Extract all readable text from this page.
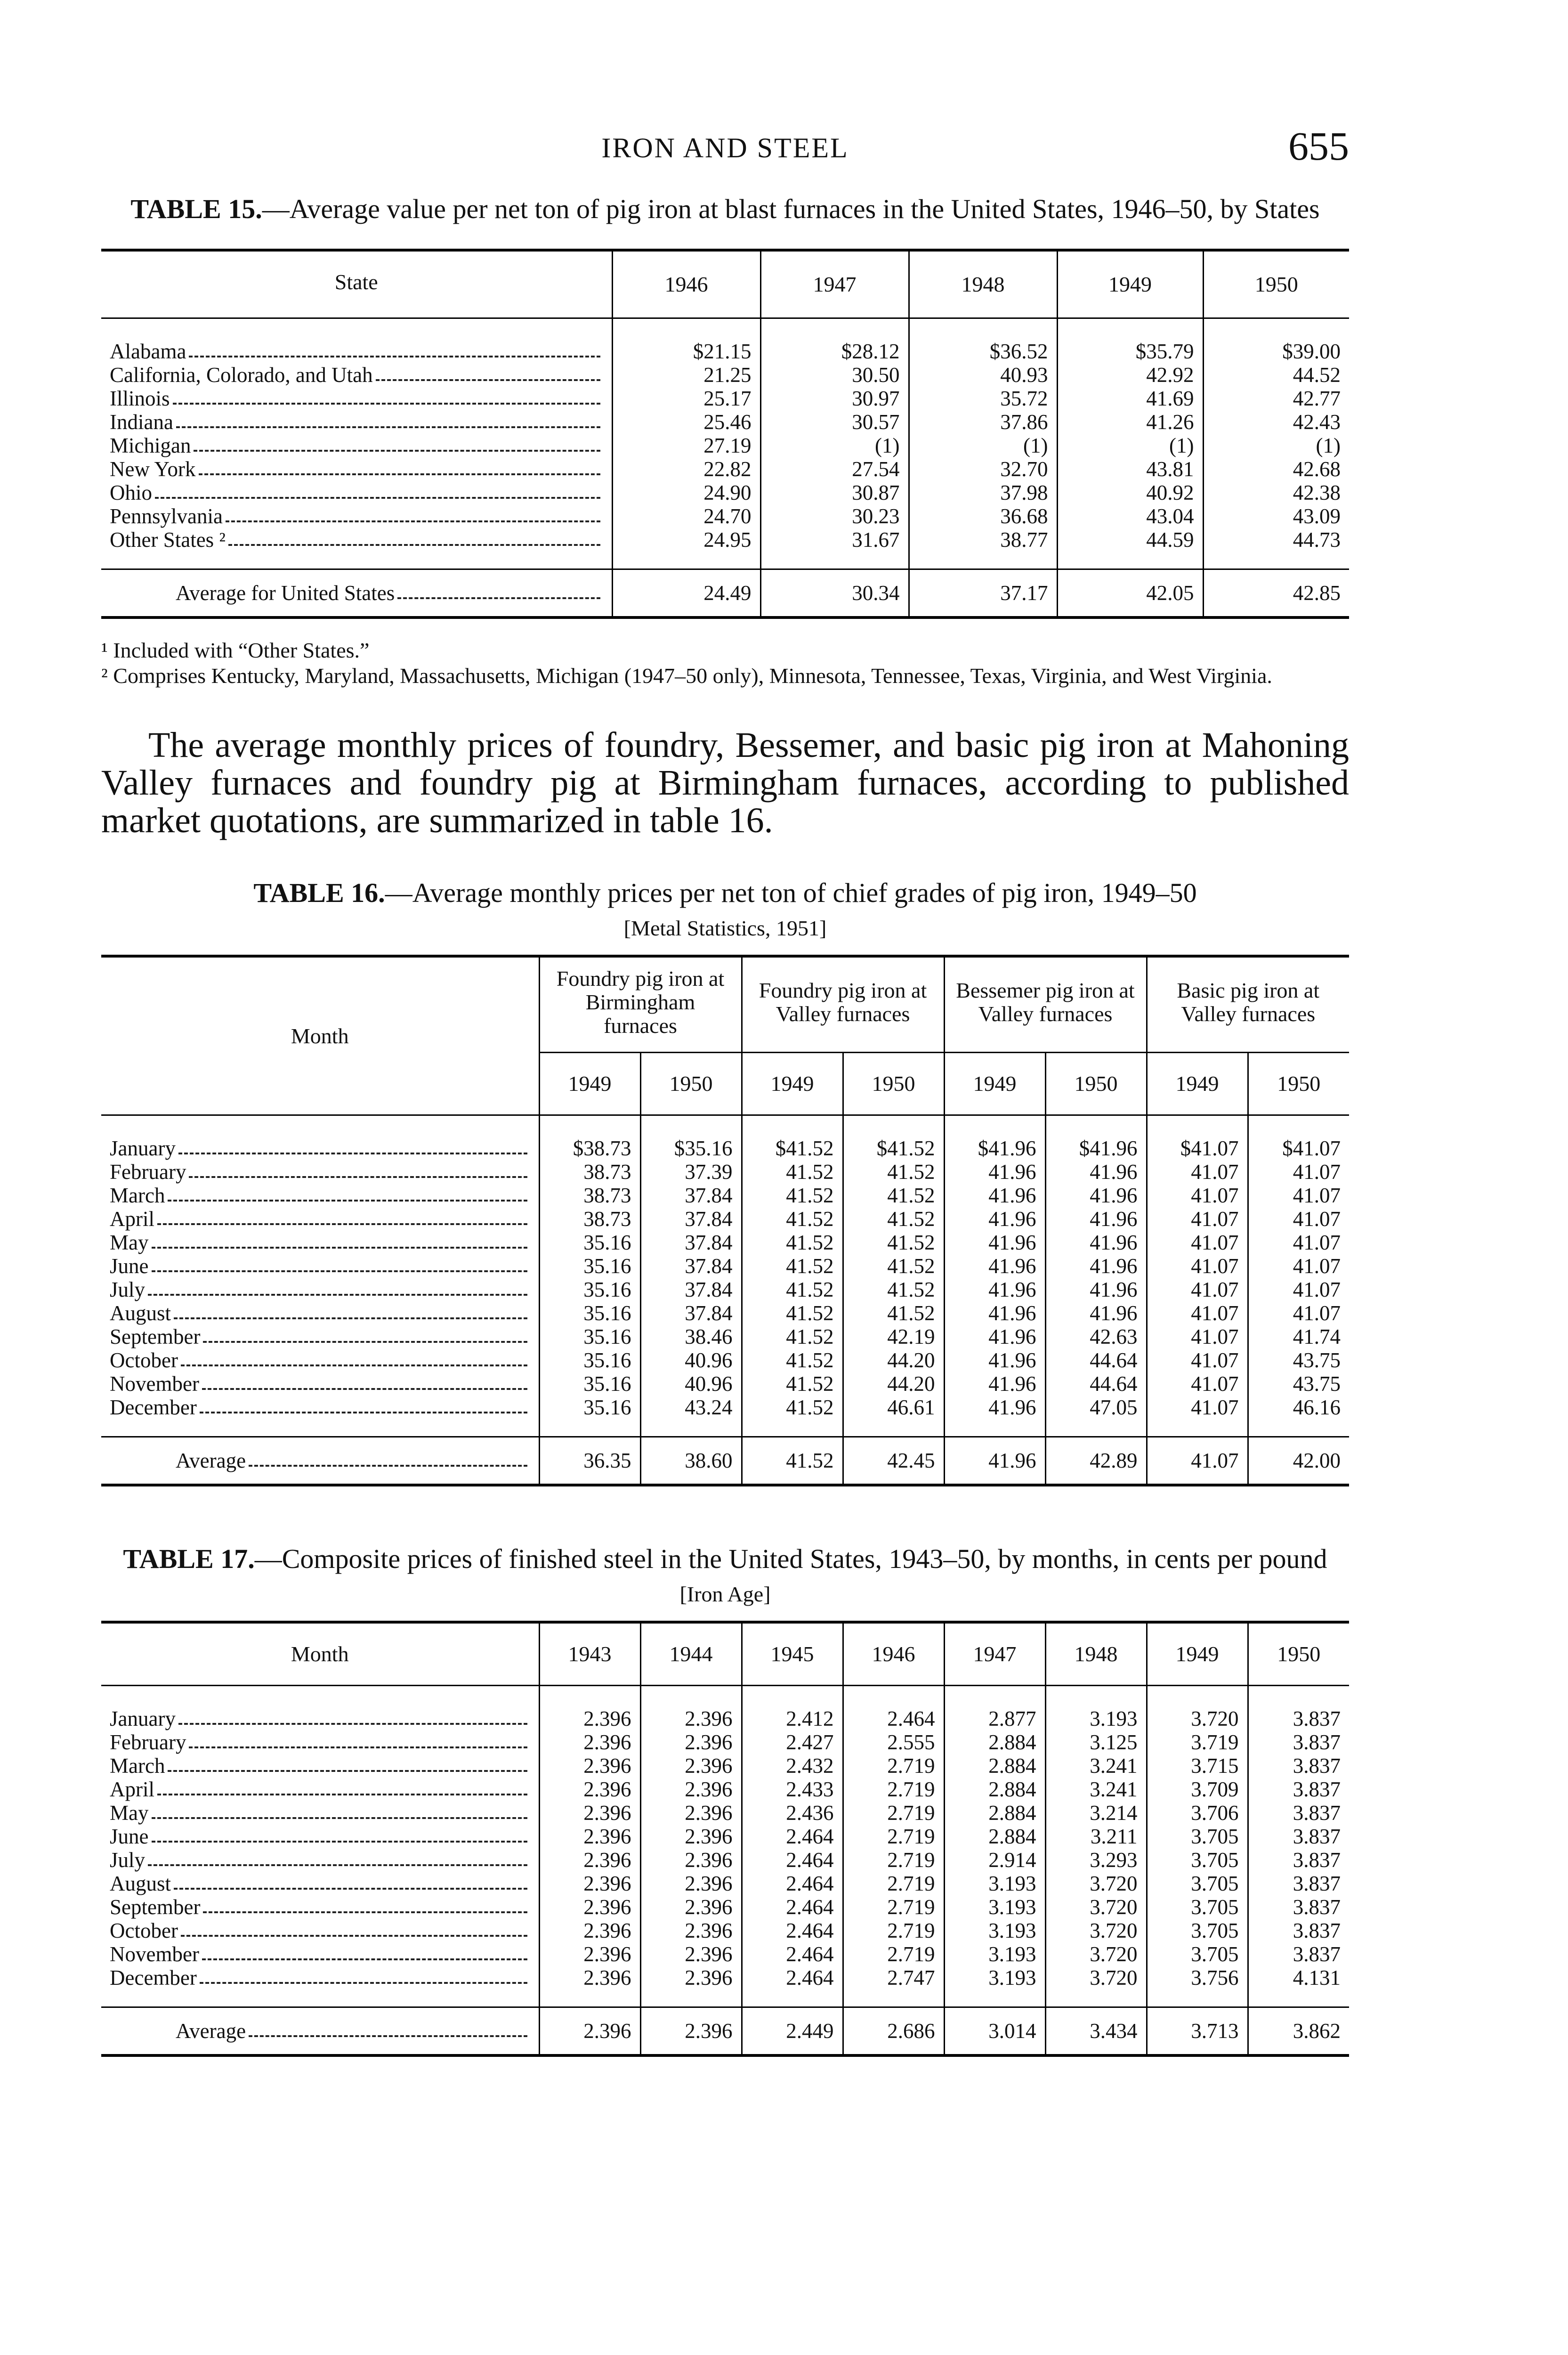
IRON AND STEEL	655
TABLE 15.—Average value per net ton of pig iron at blast furnaces in the United States, 1946–50, by States
State	1946	1947	1948	1949	1950

Alabama	$21.15	$28.12	$36.52	$35.79	$39.00

California, Colorado, and Utah	21.25	30.50	40.93	42.92	44.52

Illinois	25.17	30.97	35.72	41.69	42.77

Indiana	25.46	30.57	37.86	41.26	42.43

Michigan	27.19	(1)	(1)	(1)	(1)

New York	22.82	27.54	32.70	43.81	42.68

Ohio	24.90	30.87	37.98	40.92	42.38

Pennsylvania	24.70	30.23	36.68	43.04	43.09

Other States ²	24.95	31.67	38.77	44.59	44.73

Average for United States	24.49	30.34	37.17	42.05	42.85

¹ Included with “Other States.”

² Comprises Kentucky, Maryland, Massachusetts, Michigan (1947–50 only), Minnesota, Tennessee, Texas, Virginia, and West Virginia.

The average monthly prices of foundry, Bessemer, and basic pig iron at Mahoning Valley furnaces and foundry pig at Birmingham furnaces, according to published market quotations, are summarized in table 16.

TABLE 16.—Average monthly prices per net ton of chief grades of pig iron, 1949–50
[Metal Statistics, 1951]
Month	Foundry pig iron at Birmingham furnaces		Foundry pig iron at Valley furnaces		Bessemer pig iron at Valley furnaces		Basic pig iron at Valley furnaces	
	1949	1950	1949	1950	1949	1950	1949	1950

January	$38.73	$35.16	$41.52	$41.52	$41.96	$41.96	$41.07	$41.07

February	38.73	37.39	41.52	41.52	41.96	41.96	41.07	41.07

March	38.73	37.84	41.52	41.52	41.96	41.96	41.07	41.07

April	38.73	37.84	41.52	41.52	41.96	41.96	41.07	41.07

May	35.16	37.84	41.52	41.52	41.96	41.96	41.07	41.07

June	35.16	37.84	41.52	41.52	41.96	41.96	41.07	41.07

July	35.16	37.84	41.52	41.52	41.96	41.96	41.07	41.07

August	35.16	37.84	41.52	41.52	41.96	41.96	41.07	41.07

September	35.16	38.46	41.52	42.19	41.96	42.63	41.07	41.74

October	35.16	40.96	41.52	44.20	41.96	44.64	41.07	43.75

November	35.16	40.96	41.52	44.20	41.96	44.64	41.07	43.75

December	35.16	43.24	41.52	46.61	41.96	47.05	41.07	46.16

Average	36.35	38.60	41.52	42.45	41.96	42.89	41.07	42.00
TABLE 17.—Composite prices of finished steel in the United States, 1943–50, by months, in cents per pound
[Iron Age]
Month	1943	1944	1945	1946	1947	1948	1949	1950

January	2.396	2.396	2.412	2.464	2.877	3.193	3.720	3.837

February	2.396	2.396	2.427	2.555	2.884	3.125	3.719	3.837

March	2.396	2.396	2.432	2.719	2.884	3.241	3.715	3.837

April	2.396	2.396	2.433	2.719	2.884	3.241	3.709	3.837

May	2.396	2.396	2.436	2.719	2.884	3.214	3.706	3.837

June	2.396	2.396	2.464	2.719	2.884	3.211	3.705	3.837

July	2.396	2.396	2.464	2.719	2.914	3.293	3.705	3.837

August	2.396	2.396	2.464	2.719	3.193	3.720	3.705	3.837

September	2.396	2.396	2.464	2.719	3.193	3.720	3.705	3.837

October	2.396	2.396	2.464	2.719	3.193	3.720	3.705	3.837

November	2.396	2.396	2.464	2.719	3.193	3.720	3.705	3.837

December	2.396	2.396	2.464	2.747	3.193	3.720	3.756	4.131

Average	2.396	2.396	2.449	2.686	3.014	3.434	3.713	3.862
